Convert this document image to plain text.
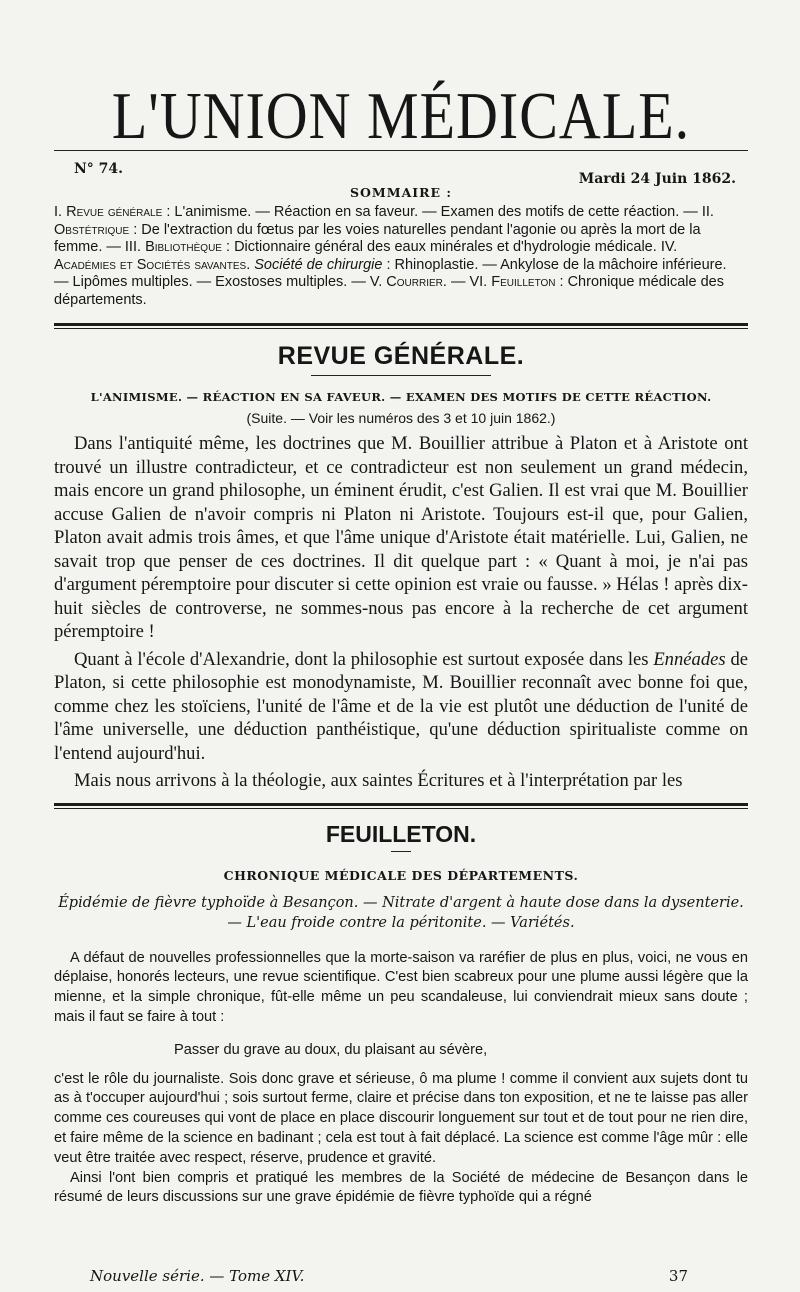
L'UNION MÉDICALE.
N° 74.
Mardi 24 Juin 1862.
SOMMAIRE :

I. Revue générale : L'animisme. — Réaction en sa faveur. — Examen des motifs de cette réaction. — II. Obstétrique : De l'extraction du fœtus par les voies naturelles pendant l'agonie ou après la mort de la femme. — III. Bibliothèque : Dictionnaire général des eaux minérales et d'hydrologie médicale. IV. Académies et Sociétés savantes. Société de chirurgie : Rhinoplastie. — Ankylose de la mâchoire inférieure. — Lipômes multiples. — Exostoses multiples. — V. Courrier. — VI. Feuilleton : Chronique médicale des départements.

REVUE GÉNÉRALE.
L'ANIMISME. — RÉACTION EN SA FAVEUR. — EXAMEN DES MOTIFS DE CETTE RÉACTION.
(Suite. — Voir les numéros des 3 et 10 juin 1862.)

Dans l'antiquité même, les doctrines que M. Bouillier attribue à Platon et à Aristote ont trouvé un illustre contradicteur, et ce contradicteur est non seulement un grand médecin, mais encore un grand philosophe, un éminent érudit, c'est Galien. Il est vrai que M. Bouillier accuse Galien de n'avoir compris ni Platon ni Aristote. Toujours est-il que, pour Galien, Platon avait admis trois âmes, et que l'âme unique d'Aristote était matérielle. Lui, Galien, ne savait trop que penser de ces doctrines. Il dit quelque part : « Quant à moi, je n'ai pas d'argument péremptoire pour discuter si cette opinion est vraie ou fausse. » Hélas ! après dix-huit siècles de controverse, ne sommes-nous pas encore à la recherche de cet argument péremptoire !

Quant à l'école d'Alexandrie, dont la philosophie est surtout exposée dans les Ennéades de Platon, si cette philosophie est monodynamiste, M. Bouillier reconnaît avec bonne foi que, comme chez les stoïciens, l'unité de l'âme et de la vie est plutôt une déduction de l'unité de l'âme universelle, une déduction panthéistique, qu'une déduction spiritualiste comme on l'entend aujourd'hui.

Mais nous arrivons à la théologie, aux saintes Écritures et à l'interprétation par les

FEUILLETON.
CHRONIQUE MÉDICALE DES DÉPARTEMENTS.
Épidémie de fièvre typhoïde à Besançon. — Nitrate d'argent à haute dose dans la dysenterie.
— L'eau froide contre la péritonite. — Variétés.

A défaut de nouvelles professionnelles que la morte-saison va raréfier de plus en plus, voici, ne vous en déplaise, honorés lecteurs, une revue scientifique. C'est bien scabreux pour une plume aussi légère que la mienne, et la simple chronique, fût-elle même un peu scandaleuse, lui conviendrait mieux sans doute ; mais il faut se faire à tout :

Passer du grave au doux, du plaisant au sévère,

c'est le rôle du journaliste. Sois donc grave et sérieuse, ô ma plume ! comme il convient aux sujets dont tu as à t'occuper aujourd'hui ; sois surtout ferme, claire et précise dans ton exposition, et ne te laisse pas aller comme ces coureuses qui vont de place en place discourir longuement sur tout et de tout pour ne rien dire, et faire même de la science en badinant ; cela est tout à fait déplacé. La science est comme l'âge mûr : elle veut être traitée avec respect, réserve, prudence et gravité.

Ainsi l'ont bien compris et pratiqué les membres de la Société de médecine de Besançon dans le résumé de leurs discussions sur une grave épidémie de fièvre typhoïde qui a régné

Nouvelle série. — Tome XIV.	37
